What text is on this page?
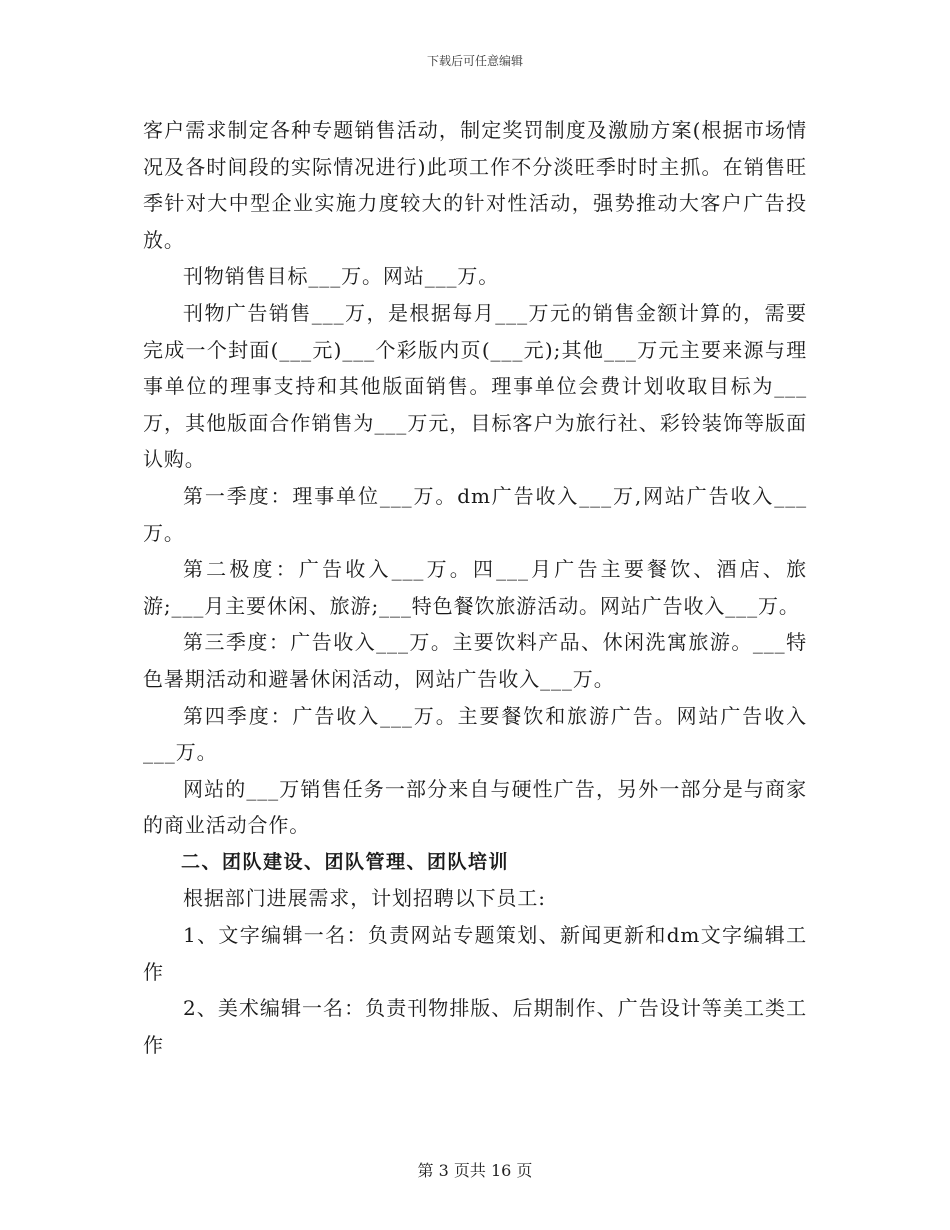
下载后可任意编辑

客户需求制定各种专题销售活动，制定奖罚制度及激励方案(根据市场情况及各时间段的实际情况进行)此项工作不分淡旺季时时主抓。在销售旺季针对大中型企业实施力度较大的针对性活动，强势推动大客户广告投放。

刊物销售目标___万。网站___万。

刊物广告销售___万，是根据每月___万元的销售金额计算的，需要完成一个封面(___元)___个彩版内页(___元);其他___万元主要来源与理事单位的理事支持和其他版面销售。理事单位会费计划收取目标为___万，其他版面合作销售为___万元，目标客户为旅行社、彩铃装饰等版面认购。

第一季度：理事单位___万。dm广告收入___万,网站广告收入___万。

第二极度：广告收入___万。四___月广告主要餐饮、酒店、旅游;___月主要休闲、旅游;___特色餐饮旅游活动。网站广告收入___万。

第三季度：广告收入___万。主要饮料产品、休闲洗寓旅游。___特色暑期活动和避暑休闲活动，网站广告收入___万。

第四季度：广告收入___万。主要餐饮和旅游广告。网站广告收入___万。

网站的___万销售任务一部分来自与硬性广告，另外一部分是与商家的商业活动合作。

二、团队建设、团队管理、团队培训

根据部门进展需求，计划招聘以下员工:

1、文字编辑一名：负责网站专题策划、新闻更新和dm文字编辑工作

2、美术编辑一名：负责刊物排版、后期制作、广告设计等美工类工作

第 3 页共 16 页
